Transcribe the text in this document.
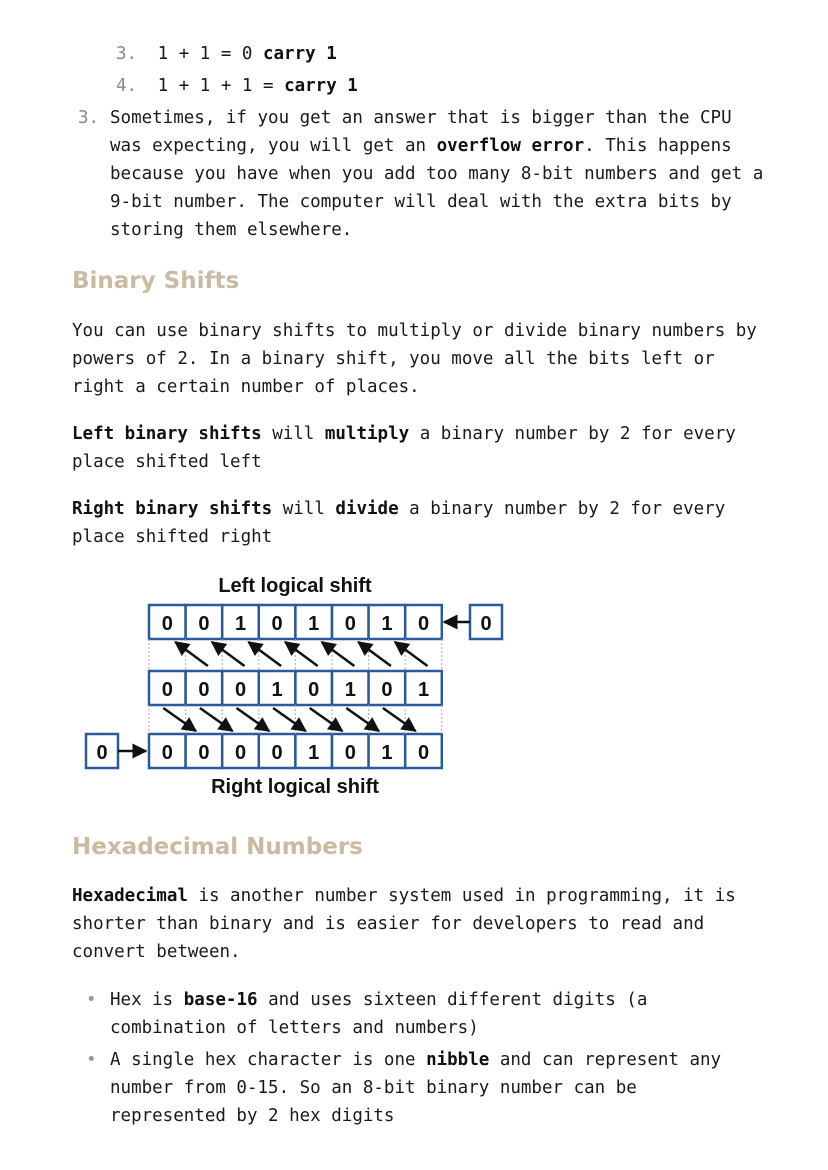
3. 1 + 1 = 0 carry 1
4. 1 + 1 + 1 = carry 1
3. Sometimes, if you get an answer that is bigger than the CPU was expecting, you will get an overflow error. This happens because you have when you add too many 8-bit numbers and get a 9-bit number. The computer will deal with the extra bits by storing them elsewhere.
Binary Shifts
You can use binary shifts to multiply or divide binary numbers by powers of 2. In a binary shift, you move all the bits left or right a certain number of places.
Left binary shifts will multiply a binary number by 2 for every place shifted left
Right binary shifts will divide a binary number by 2 for every place shifted right
Left logical shift
0 0 1 0 1 0 1 0
0 0 0 1 0 1 0 1
0 0 0 0 1 0 1 0
0
0
Right logical shift
Hexadecimal Numbers
Hexadecimal is another number system used in programming, it is shorter than binary and is easier for developers to read and convert between.
• Hex is base-16 and uses sixteen different digits (a combination of letters and numbers)
• A single hex character is one nibble and can represent any number from 0-15. So an 8-bit binary number can be represented by 2 hex digits
